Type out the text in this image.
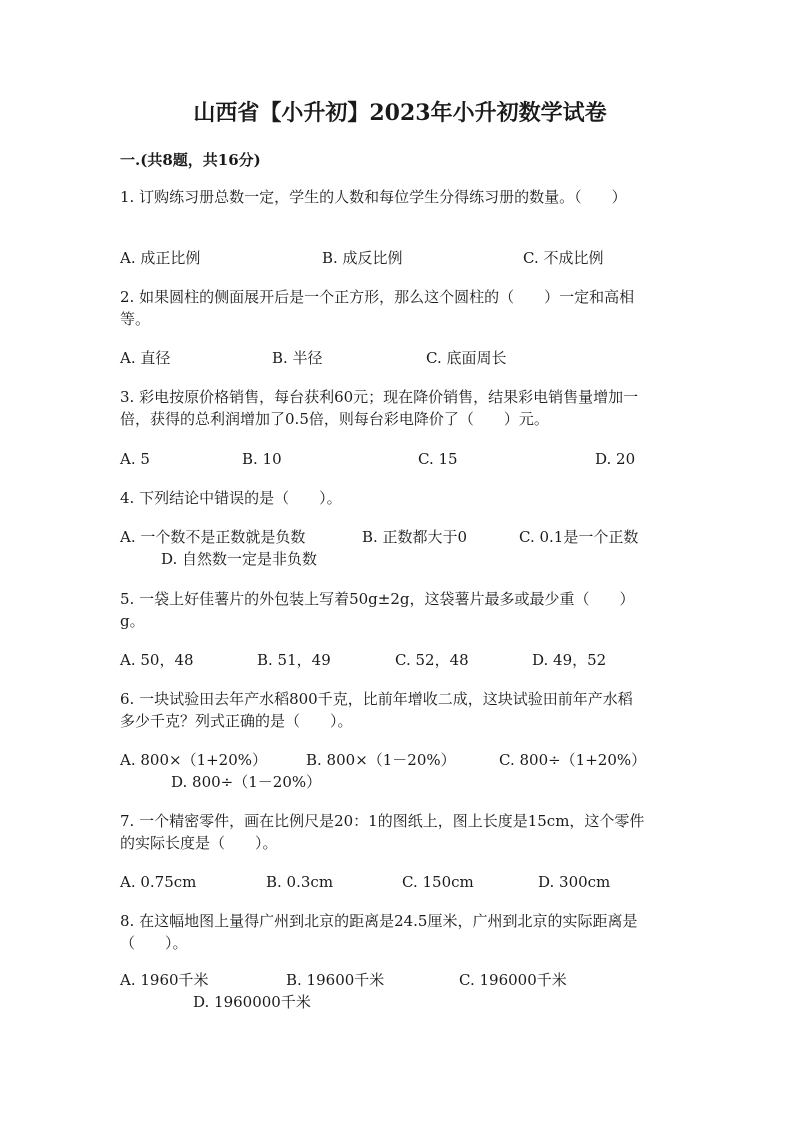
山西省【小升初】2023年小升初数学试卷
一.(共8题，共16分)
1. 订购练习册总数一定，学生的人数和每位学生分得练习册的数量。（　　）
A. 成正比例	B. 成反比例	C. 不成比例
2. 如果圆柱的侧面展开后是一个正方形，那么这个圆柱的（　　）一定和高相
等。
A. 直径	B. 半径	C. 底面周长
3. 彩电按原价格销售，每台获利60元；现在降价销售，结果彩电销售量增加一
倍，获得的总利润增加了0.5倍，则每台彩电降价了（　　）元。
A. 5	B. 10	C. 15	D. 20
4. 下列结论中错误的是（　　）。
A. 一个数不是正数就是负数	B. 正数都大于0	C. 0.1是一个正数
D. 自然数一定是非负数
5. 一袋上好佳薯片的外包装上写着50g±2g，这袋薯片最多或最少重（　　）
g。
A. 50，48	B. 51，49	C. 52，48	D. 49，52
6. 一块试验田去年产水稻800千克，比前年增收二成，这块试验田前年产水稻
多少千克？列式正确的是（　　）。
A. 800×（1+20%）	B. 800×（1－20%）	C. 800÷（1+20%）
D. 800÷（1－20%）
7. 一个精密零件，画在比例尺是20：1的图纸上，图上长度是15cm，这个零件
的实际长度是（　　）。
A. 0.75cm	B. 0.3cm	C. 150cm	D. 300cm
8. 在这幅地图上量得广州到北京的距离是24.5厘米，广州到北京的实际距离是
（　　）。
A. 1960千米	B. 19600千米	C. 196000千米
D. 1960000千米
